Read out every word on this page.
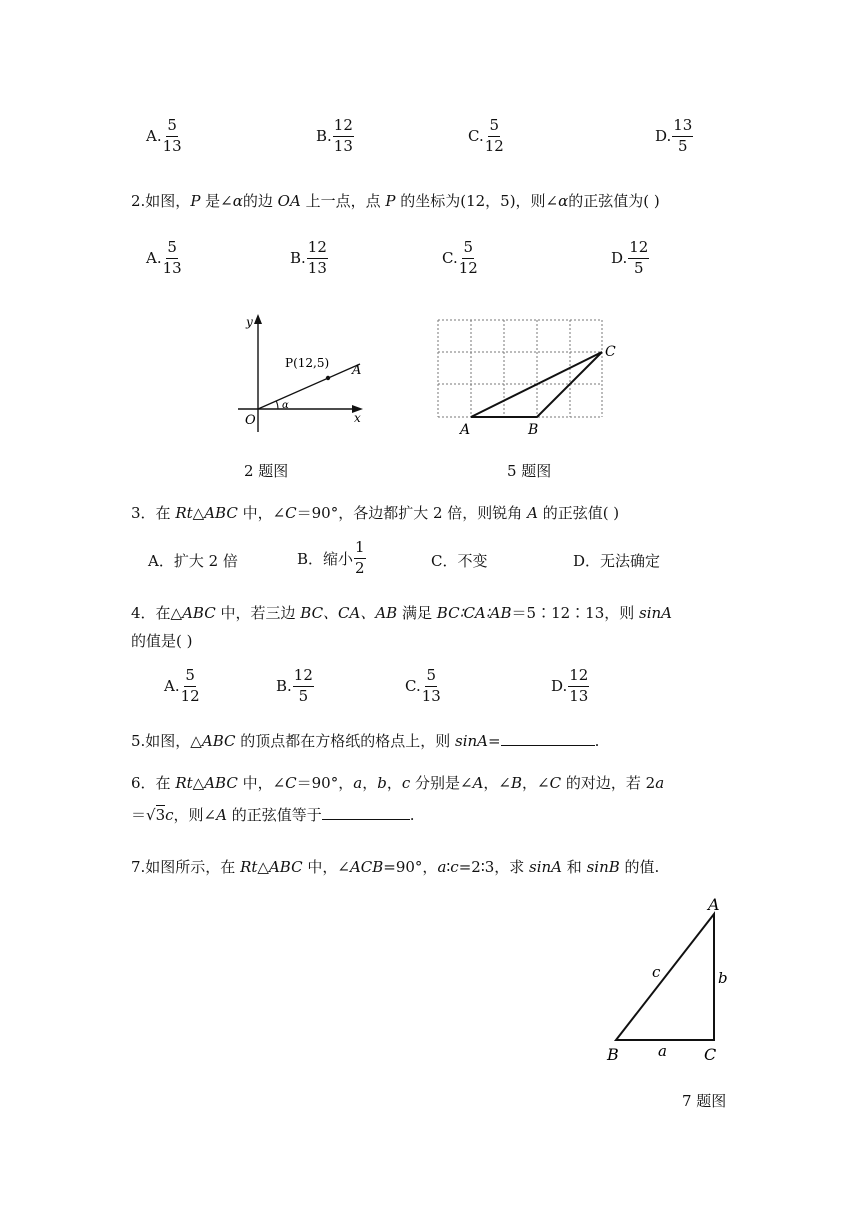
A. $\frac{5}{13}$	B. $\frac{12}{13}$	C. $\frac{5}{12}$	D. $\frac{13}{5}$
2.如图，P 是∠α的边 OA 上一点，点 P 的坐标为(12，5)，则∠α的正弦值为( )
A. $\frac{5}{13}$	B. $\frac{12}{13}$	C. $\frac{5}{12}$	D. $\frac{12}{5}$
y
x
O
P(12,5) A
α
2 题图
A	B
C
5 题图
3．在 Rt△ABC 中，∠C＝90°，各边都扩大 2 倍，则锐角 A 的正弦值( )
A．扩大 2 倍	B．缩小 $\frac{1}{2}$	C．不变	D．无法确定
4．在△ABC 中，若三边 BC、CA、AB 满足 BC∶CA∶AB＝5∶12∶13，则 sinA
的值是( )
A. $\frac{5}{12}$	B. $\frac{12}{5}$	C. $\frac{5}{13}$	D. $\frac{12}{13}$
5.如图，△ABC 的顶点都在方格纸的格点上，则 sinA=	.
6．在 Rt△ABC 中，∠C＝90°，a，b，c 分别是∠A，∠B，∠C 的对边，若 2a
＝√3c，则∠A 的正弦值等于	.
7.如图所示，在 Rt△ABC 中，∠ACB=90°，a∶c=2∶3，求 sinA 和 sinB 的值.
A
B	C
a
b
c
7 题图
